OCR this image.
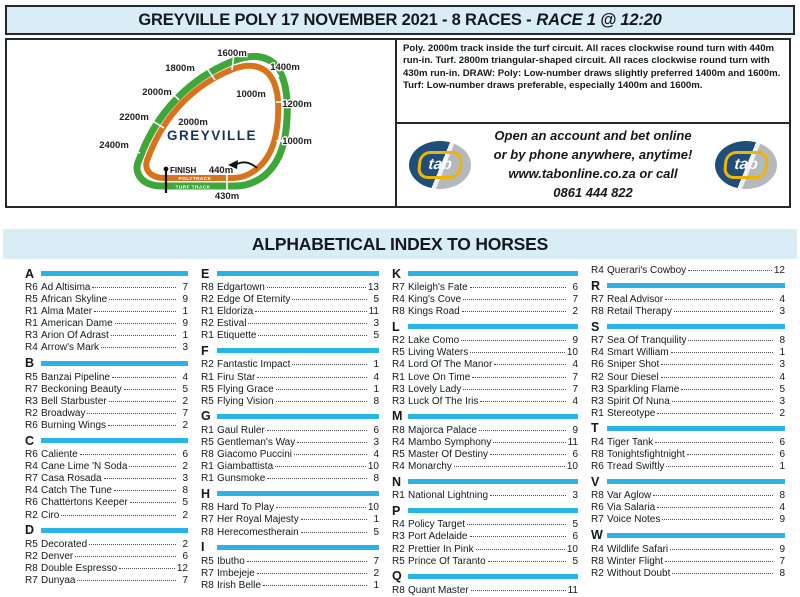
GREYVILLE POLY 17 NOVEMBER 2021 - 8 RACES - RACE 1 @ 12:20
1600m
1800m	1400m
2000m	1000m
1200m
2200m	2000m
1000m
2400m
440m
430m
GREYVILLE
FINISH
POLYTRACK
TURF TRACK
Poly. 2000m track inside the turf circuit. All races clockwise round turn with 440m run-in. Turf. 2800m triangular-shaped circuit. All races clockwise round turn with 430m run-in. DRAW: Poly: Low-number draws slightly preferred 1400m and 1600m. Turf: Low-number draws preferable, especially 1400m and 1600m.
tab
Open an account and bet online
or by phone anywhere, anytime!
www.tabonline.co.za or call
0861 444 822
tab
ALPHABETICAL INDEX TO HORSES
A
R6 Ad Altisima	7
R5 African Skyline	9
R1 Alma Mater	1
R1 American Dame	9
R3 Arion Of Adrast	1
R4 Arrow's Mark	3
B
R5 Banzai Pipeline	4
R7 Beckoning Beauty	5
R3 Bell Starbuster	2
R2 Broadway	7
R6 Burning Wings	2
C
R6 Caliente	6
R4 Cane Lime 'N Soda	2
R7 Casa Rosada	3
R4 Catch The Tune	8
R6 Chattertons Keeper	5
R2 Ciro	2
D
R5 Decorated	2
R2 Denver	6
R8 Double Espresso	12
R7 Dunyaa	7
E
R8 Edgartown	13
R2 Edge Of Eternity	5
R1 Eldoriza	11
R2 Estival	3
R1 Etiquette	5
F
R2 Fantastic Impact	1
R1 Firu Star	4
R5 Flying Grace	1
R5 Flying Vision	8
G
R1 Gaul Ruler	6
R5 Gentleman's Way	3
R8 Giacomo Puccini	4
R1 Giambattista	10
R1 Gunsmoke	8
H
R8 Hard To Play	10
R7 Her Royal Majesty	1
R8 Herecomestherain	5
I
R5 Ibutho	7
R7 Imbejeje	2
R8 Irish Belle	1
K
R7 Kileigh's Fate	6
R4 King's Cove	7
R8 Kings Road	2
L
R2 Lake Como	9
R5 Living Waters	10
R4 Lord Of The Manor	4
R1 Love On Time	7
R3 Lovely Lady	7
R3 Luck Of The Iris	4
M
R8 Majorca Palace	9
R4 Mambo Symphony	11
R5 Master Of Destiny	6
R4 Monarchy	10
N
R1 National Lightning	3
P
R4 Policy Target	5
R3 Port Adelaide	6
R2 Prettier In Pink	10
R5 Prince Of Taranto	5
Q
R8 Quant Master	11
R4 Querari's Cowboy	12
R
R7 Real Advisor	4
R8 Retail Therapy	3
S
R7 Sea Of Tranquility	8
R4 Smart William	1
R6 Sniper Shot	3
R2 Sour Diesel	4
R3 Sparkling Flame	5
R3 Spirit Of Nuna	3
R1 Stereotype	2
T
R4 Tiger Tank	6
R8 Tonightsfightnight	6
R6 Tread Swiftly	1
V
R8 Var Aglow	8
R6 Via Salaria	4
R7 Voice Notes	9
W
R4 Wildlife Safari	9
R8 Winter Flight	7
R2 Without Doubt	8
